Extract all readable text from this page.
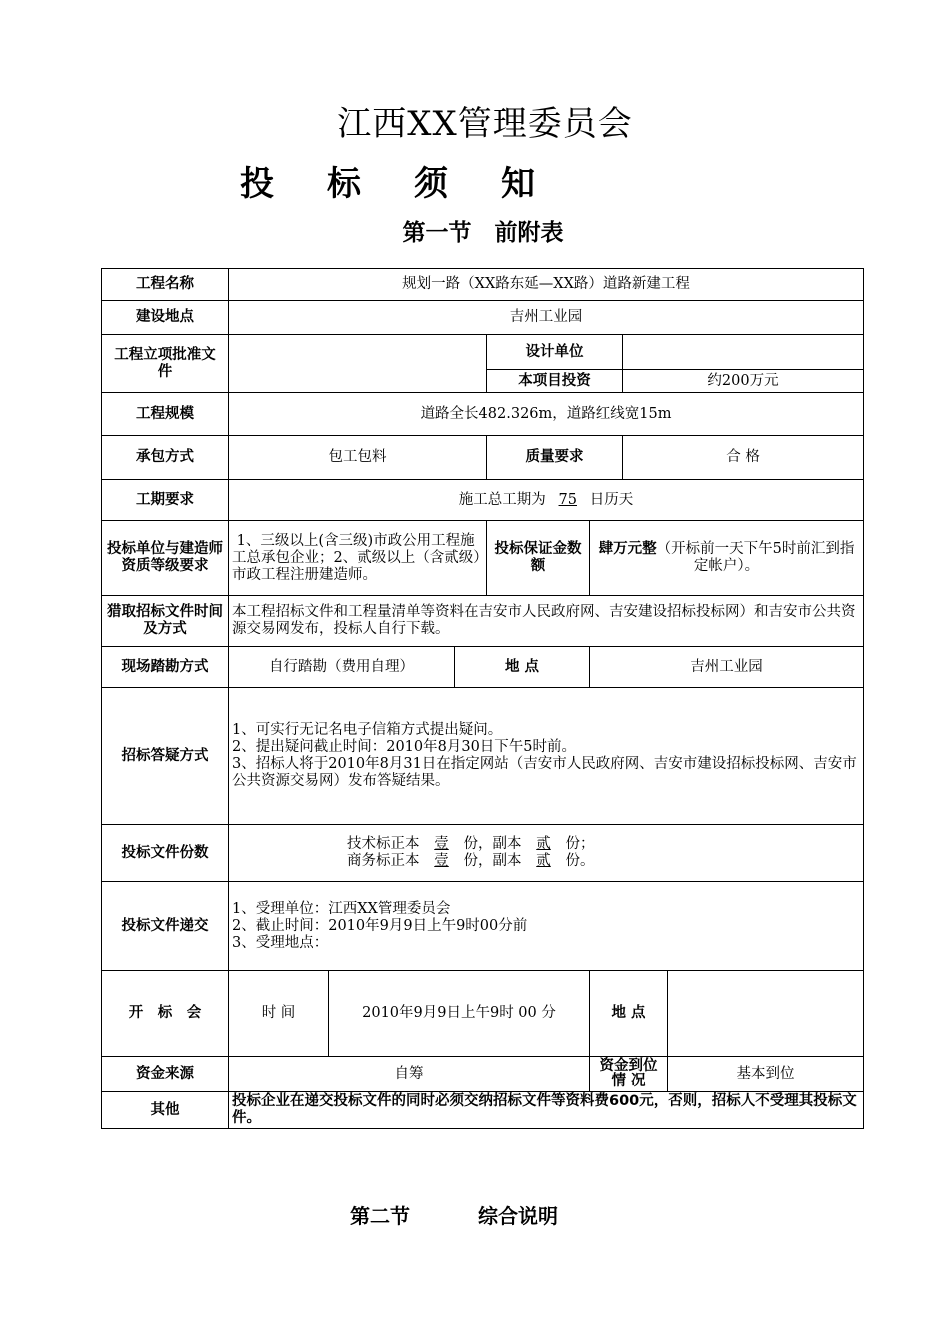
江西XX管理委员会
投 标 须 知
第一节　前附表
工程名称	规划一路（XX路东延—XX路）道路新建工程						
建设地点	吉州工业园						
工程立项批准文 件				设计单位			
				本项目投资		约200万元	
工程规模	道路全长482.326m，道路红线宽15m						
承包方式	包工包料			质量要求		合 格	
工期要求	施工总工期为 75 日历天						
投标单位与建造师资质等级要求	1、三级以上(含三级)市政公用工程施工总承包企业；2、贰级以上（含贰级）市政工程注册建造师。			投标保证金数额	肆万元整（开标前一天下午5时前汇到指定帐户）。		
猎取招标文件时间及方式	本工程招标文件和工程量清单等资料在吉安市人民政府网、吉安建设招标投标网）和吉安市公共资源交易网发布，投标人自行下载。						
现场踏勘方式	自行踏勘（费用自理）		地 点		吉州工业园		
招标答疑方式	1、可实行无记名电子信箱方式提出疑问。
2、提出疑问截止时间：2010年8月30日下午5时前。
3、招标人将于2010年8月31日在指定网站（吉安市人民政府网、吉安市建设招标投标网、吉安市公共资源交易网）发布答疑结果。						

投标文件份数	技术标正本 壹 份，副本 贰 份；
商务标正本 壹 份，副本 贰 份。						

投标文件递交	1、受理单位：江西XX管理委员会
2、截止时间：2010年9月9日上午9时00分前
3、受理地点：						

开　标　会	时 间	2010年9月9日上午9时 00 分			地 点		
资金来源	自筹				资金到位情 况		基本到位
其他	投标企业在递交投标文件的同时必须交纳招标文件等资料费600元，否则，招标人不受理其投标文件。						
第二节	综合说明
